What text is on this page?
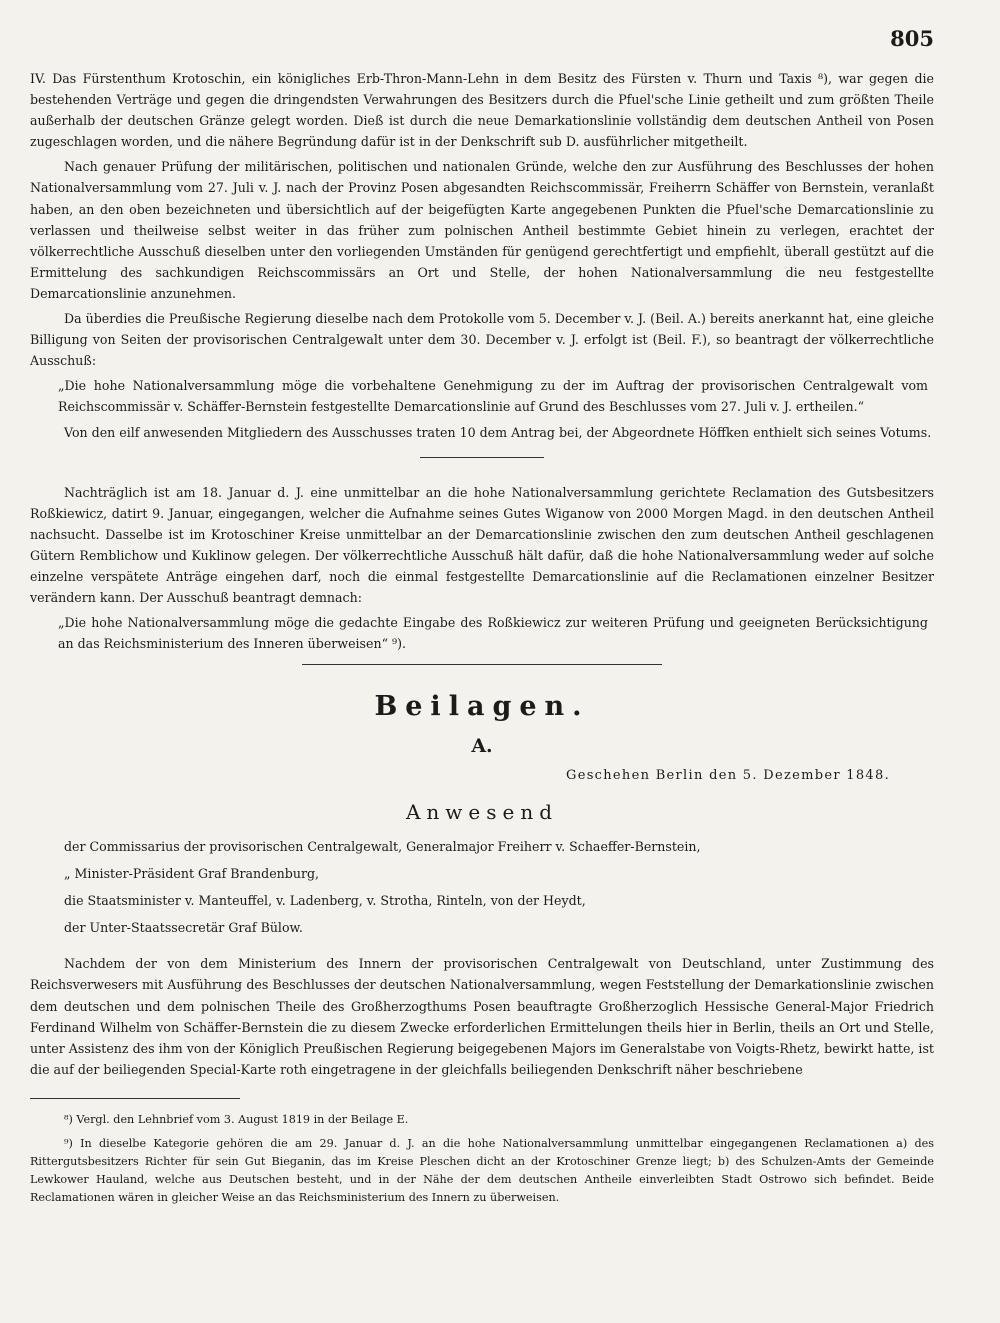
805

IV. Das Fürstenthum Krotoschin, ein königliches Erb-Thron-Mann-Lehn in dem Besitz des Fürsten v. Thurn und Taxis ⁸), war gegen die bestehenden Verträge und gegen die dringendsten Verwahrungen des Besitzers durch die Pfuel'sche Linie getheilt und zum größten Theile außerhalb der deutschen Gränze gelegt worden. Dieß ist durch die neue Demarkationslinie vollständig dem deutschen Antheil von Posen zugeschlagen worden, und die nähere Begründung dafür ist in der Denkschrift sub D. ausführlicher mitgetheilt.

Nach genauer Prüfung der militärischen, politischen und nationalen Gründe, welche den zur Ausführung des Beschlusses der hohen Nationalversammlung vom 27. Juli v. J. nach der Provinz Posen abgesandten Reichscommissär, Freiherrn Schäffer von Bernstein, veranlaßt haben, an den oben bezeichneten und übersichtlich auf der beigefügten Karte angegebenen Punkten die Pfuel'sche Demarcationslinie zu verlassen und theilweise selbst weiter in das früher zum polnischen Antheil bestimmte Gebiet hinein zu verlegen, erachtet der völkerrechtliche Ausschuß dieselben unter den vorliegenden Umständen für genügend gerechtfertigt und empfiehlt, überall gestützt auf die Ermittelung des sachkundigen Reichscommissärs an Ort und Stelle, der hohen Nationalversammlung die neu festgestellte Demarcationslinie anzunehmen.

Da überdies die Preußische Regierung dieselbe nach dem Protokolle vom 5. December v. J. (Beil. A.) bereits anerkannt hat, eine gleiche Billigung von Seiten der provisorischen Centralgewalt unter dem 30. December v. J. erfolgt ist (Beil. F.), so beantragt der völkerrechtliche Ausschuß:

„Die hohe Nationalversammlung möge die vorbehaltene Genehmigung zu der im Auftrag der provisorischen Centralgewalt vom Reichscommissär v. Schäffer-Bernstein festgestellte Demarcationslinie auf Grund des Beschlusses vom 27. Juli v. J. ertheilen.“

Von den eilf anwesenden Mitgliedern des Ausschusses traten 10 dem Antrag bei, der Abgeordnete Höffken enthielt sich seines Votums.

Nachträglich ist am 18. Januar d. J. eine unmittelbar an die hohe Nationalversammlung gerichtete Reclamation des Gutsbesitzers Roßkiewicz, datirt 9. Januar, eingegangen, welcher die Aufnahme seines Gutes Wiganow von 2000 Morgen Magd. in den deutschen Antheil nachsucht. Dasselbe ist im Krotoschiner Kreise unmittelbar an der Demarcationslinie zwischen den zum deutschen Antheil geschlagenen Gütern Remblichow und Kuklinow gelegen. Der völkerrechtliche Ausschuß hält dafür, daß die hohe Nationalversammlung weder auf solche einzelne verspätete Anträge eingehen darf, noch die einmal festgestellte Demarcationslinie auf die Reclamationen einzelner Besitzer verändern kann. Der Ausschuß beantragt demnach:

„Die hohe Nationalversammlung möge die gedachte Eingabe des Roßkiewicz zur weiteren Prüfung und geeigneten Berücksichtigung an das Reichsministerium des Inneren überweisen“ ⁹).

Beilagen.
A.
Geschehen Berlin den 5. Dezember 1848.
Anwesend

der Commissarius der provisorischen Centralgewalt, Generalmajor Freiherr v. Schaeffer-Bernstein,

„ Minister-Präsident Graf Brandenburg,

die Staatsminister v. Manteuffel, v. Ladenberg, v. Strotha, Rinteln, von der Heydt,

der Unter-Staatssecretär Graf Bülow.

Nachdem der von dem Ministerium des Innern der provisorischen Centralgewalt von Deutschland, unter Zustimmung des Reichsverwesers mit Ausführung des Beschlusses der deutschen Nationalversammlung, wegen Feststellung der Demarkationslinie zwischen dem deutschen und dem polnischen Theile des Großherzogthums Posen beauftragte Großherzoglich Hessische General-Major Friedrich Ferdinand Wilhelm von Schäffer-Bernstein die zu diesem Zwecke erforderlichen Ermittelungen theils hier in Berlin, theils an Ort und Stelle, unter Assistenz des ihm von der Königlich Preußischen Regierung beigegebenen Majors im Generalstabe von Voigts-Rhetz, bewirkt hatte, ist die auf der beiliegenden Special-Karte roth eingetragene in der gleichfalls beiliegenden Denkschrift näher beschriebene

⁸) Vergl. den Lehnbrief vom 3. August 1819 in der Beilage E.

⁹) In dieselbe Kategorie gehören die am 29. Januar d. J. an die hohe Nationalversammlung unmittelbar eingegangenen Reclamationen a) des Rittergutsbesitzers Richter für sein Gut Bieganin, das im Kreise Pleschen dicht an der Krotoschiner Grenze liegt; b) des Schulzen-Amts der Gemeinde Lewkower Hauland, welche aus Deutschen besteht, und in der Nähe der dem deutschen Antheile einverleibten Stadt Ostrowo sich befindet. Beide Reclamationen wären in gleicher Weise an das Reichsministerium des Innern zu überweisen.
